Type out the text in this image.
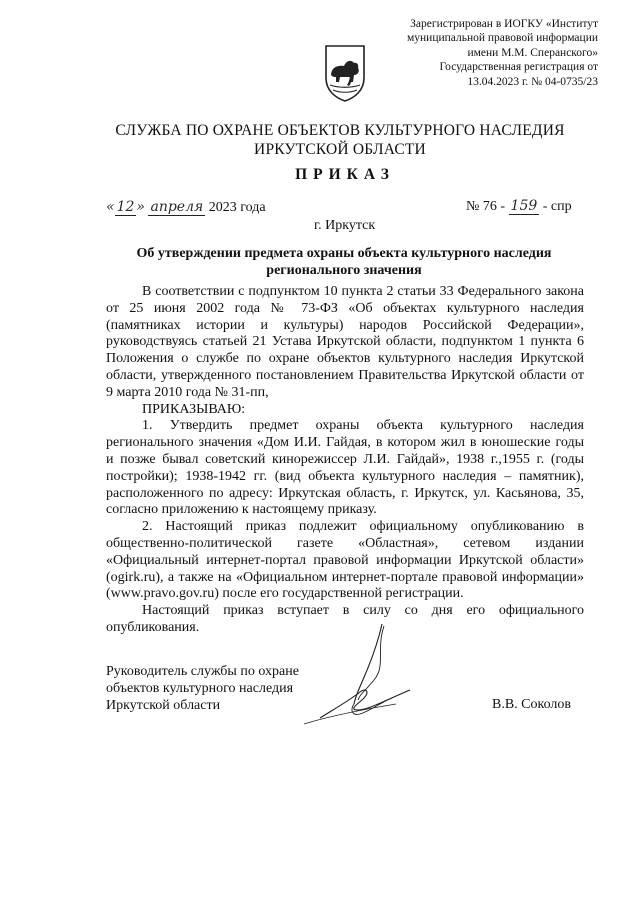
Зарегистрирован в ИОГКУ «Институт
муниципальной правовой информации
имени М.М. Сперанского»
Государственная регистрация от
13.04.2023 г. № 04-0735/23
СЛУЖБА ПО ОХРАНЕ ОБЪЕКТОВ КУЛЬТУРНОГО НАСЛЕДИЯ
ИРКУТСКОЙ ОБЛАСТИ
ПРИКАЗ
« 12 » апреля 2023 года	№ 76 - 159 - спр
г. Иркутск
Об утверждении предмета охраны объекта культурного наследия
регионального значения

В соответствии с подпунктом 10 пункта 2 статьи 33 Федерального закона
от 25 июня 2002 года № 73-ФЗ «Об объектах культурного наследия
(памятниках истории и культуры) народов Российской Федерации»,
руководствуясь статьей 21 Устава Иркутской области, подпунктом 1 пункта 6
Положения о службе по охране объектов культурного наследия Иркутской
области, утвержденного постановлением Правительства Иркутской области от
9 марта 2010 года № 31-пп,

ПРИКАЗЫВАЮ:

1. Утвердить предмет охраны объекта культурного наследия
регионального значения «Дом И.И. Гайдая, в котором жил в юношеские годы
и позже бывал советский кинорежиссер Л.И. Гайдай», 1938 г.,1955 г. (годы
постройки); 1938-1942 гг. (вид объекта культурного наследия – памятник),
расположенного по адресу: Иркутская область, г. Иркутск, ул. Касьянова, 35,
согласно приложению к настоящему приказу.

2. Настоящий приказ подлежит официальному опубликованию в
общественно-политической газете «Областная», сетевом издании
«Официальный интернет-портал правовой информации Иркутской области»
(ogirk.ru), а также на «Официальном интернет-портале правовой информации»
(www.pravo.gov.ru) после его государственной регистрации.

Настоящий приказ вступает в силу со дня его официального
опубликования.

Руководитель службы по охране
объектов культурного наследия
Иркутской области	В.В. Соколов
